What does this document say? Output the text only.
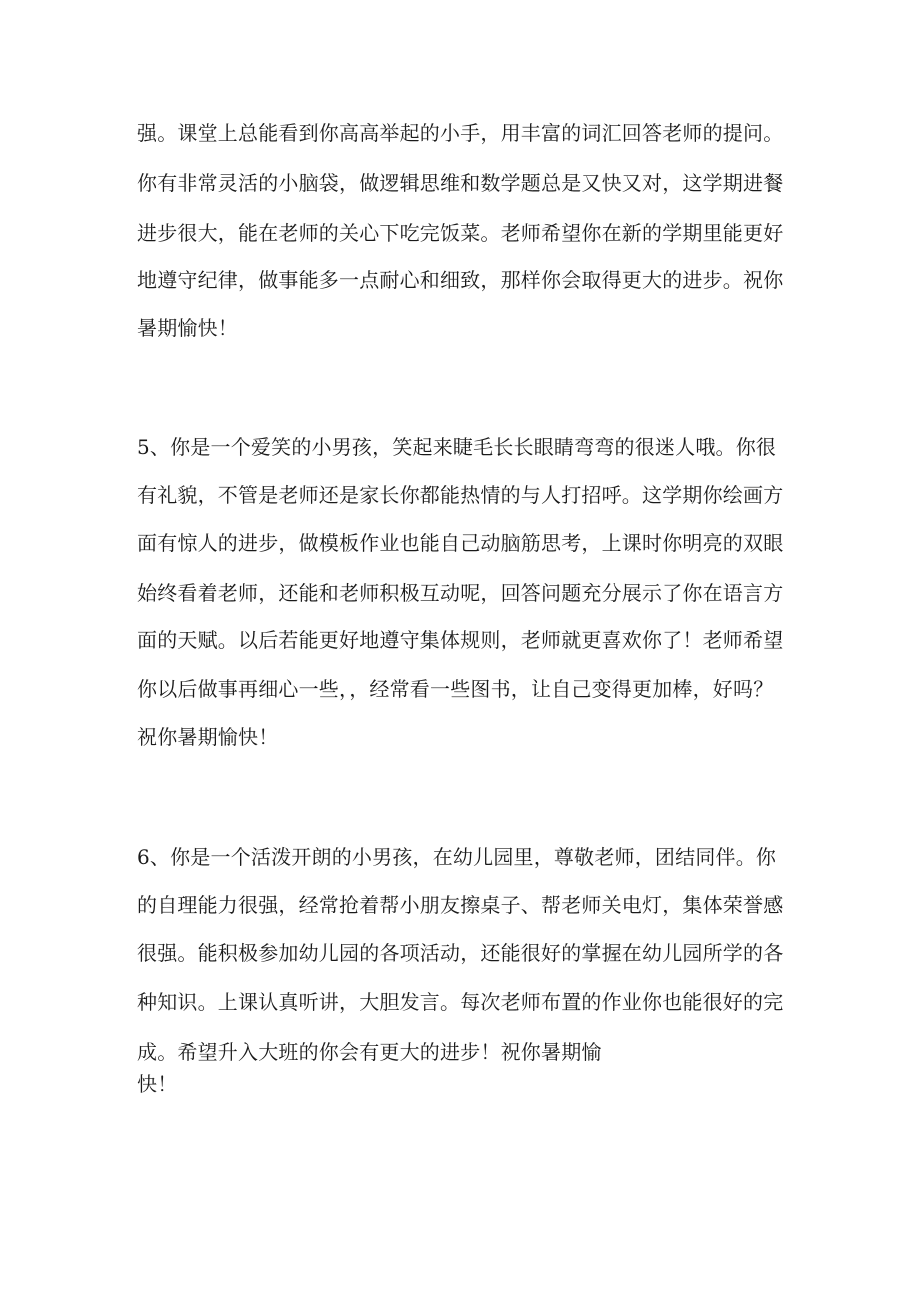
强。课堂上总能看到你高高举起的小手，用丰富的词汇回答老师的提问。
你有非常灵活的小脑袋，做逻辑思维和数学题总是又快又对，这学期进餐
进步很大，能在老师的关心下吃完饭菜。老师希望你在新的学期里能更好
地遵守纪律，做事能多一点耐心和细致，那样你会取得更大的进步。祝你
暑期愉快！
5、你是一个爱笑的小男孩，笑起来睫毛长长眼睛弯弯的很迷人哦。你很
有礼貌，不管是老师还是家长你都能热情的与人打招呼。这学期你绘画方
面有惊人的进步，做模板作业也能自己动脑筋思考，上课时你明亮的双眼
始终看着老师，还能和老师积极互动呢，回答问题充分展示了你在语言方
面的天赋。以后若能更好地遵守集体规则，老师就更喜欢你了！老师希望
你以后做事再细心一些，，经常看一些图书，让自己变得更加棒，好吗？
祝你暑期愉快！
6、你是一个活泼开朗的小男孩，在幼儿园里，尊敬老师，团结同伴。你
的自理能力很强，经常抢着帮小朋友擦桌子、帮老师关电灯，集体荣誉感
很强。能积极参加幼儿园的各项活动，还能很好的掌握在幼儿园所学的各
种知识。上课认真听讲，大胆发言。每次老师布置的作业你也能很好的完
成。希望升入大班的你会有更大的进步！祝你暑期愉
快！
